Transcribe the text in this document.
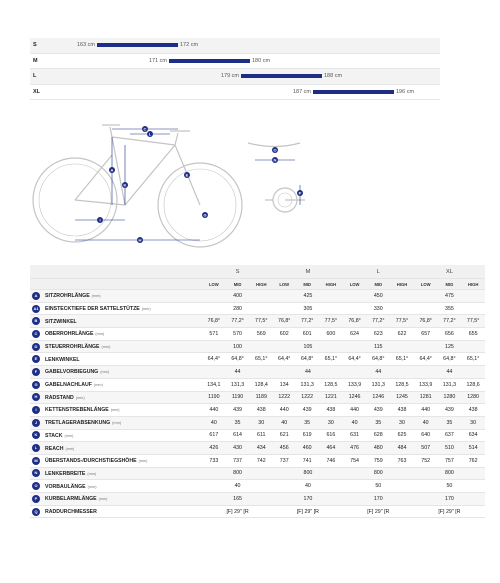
S	163 cm	172 cm
M	171 cm	180 cm
L	179 cm	188 cm
XL	187 cm	196 cm
C
L
I
H
A
K
E
G
N
O
P
	S			M			L			XL		
	LOW	MID	HIGH	LOW	MID	HIGH	LOW	MID	HIGH	LOW	MID	HIGH
A SITZROHRLÄNGE (mm)	400			425			450			475		
A1 EINSTECKTIEFE DER SATTELSTÜTZE (mm)	280			305			330			355		
B SITZWINKEL	76,8°	77,2°	77,5°	76,8°	77,2°	77,5°	76,8°	77,2°	77,5°	76,8°	77,2°	77,5°
C OBERROHRLÄNGE (mm)	571	570	569	602	601	600	624	623	622	657	656	655
D STEUERROHRLÄNGE (mm)	100			105			115			125		
E LENKWINKEL	64,4°	64,8°	65,1°	64,4°	64,8°	65,1°	64,4°	64,8°	65,1°	64,4°	64,8°	65,1°
F GABELVORBIEGUNG (mm)	44			44			44			44		
G GABELNACHLAUF (mm)	134,1	131,3	128,4	134	131,3	128,5	133,9	131,3	128,5	133,9	131,3	128,6
H RADSTAND (mm)	1190	1190	1189	1222	1222	1221	1246	1246	1245	1281	1280	1280
I KETTENSTREBENLÄNGE (mm)	440	439	438	440	439	438	440	439	438	440	439	438
J TRETLAGERABSENKUNG (mm)	40	35	30	40	35	30	40	35	30	40	35	30
K STACK (mm)	617	614	611	621	619	616	631	628	625	640	637	634
L REACH (mm)	426	430	434	456	460	464	476	480	484	507	510	514
M ÜBERSTANDS-/DURCHSTIEGSHÖHE (mm)	733	737	742	737	741	746	754	759	763	752	757	762
N LENKERBREITE (mm)	800			800			800			800		
O VORBAULÄNGE (mm)	40			40			50			50		
P KURBELARMLÄNGE (mm)	165			170			170			170		
Q RADDURCHMESSER	[F] 29" [R			[F] 29" [R			[F] 29" [R			[F] 29" [R		
